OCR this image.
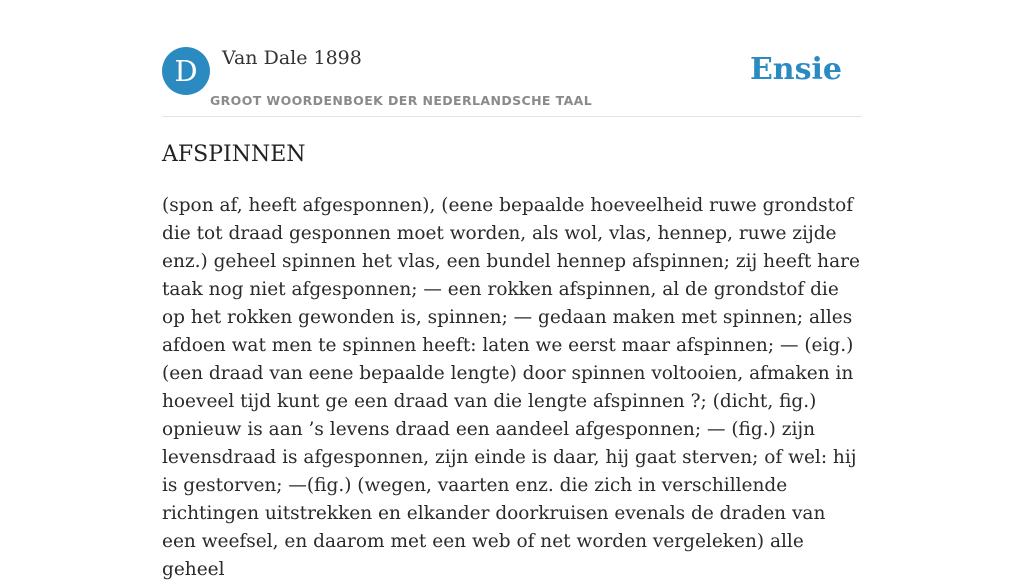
D	Van Dale 1898
GROOT WOORDENBOEK DER NEDERLANDSCHE TAAL
Ensie
AFSPINNEN

(spon af, heeft afgesponnen), (eene bepaalde hoeveelheid ruwe grondstof die tot draad gesponnen moet worden, als wol, vlas, hennep, ruwe zijde enz.) geheel spinnen het vlas, een bundel hennep afspinnen; zij heeft hare taak nog niet afgesponnen; — een rokken afspinnen, al de grondstof die op het rokken gewonden is, spinnen; — gedaan maken met spinnen; alles afdoen wat men te spinnen heeft: laten we eerst maar afspinnen; — (eig.) (een draad van eene bepaalde lengte) door spinnen voltooien, afmaken in hoeveel tijd kunt ge een draad van die lengte afspinnen ?; (dicht, fig.) opnieuw is aan ’s levens draad een aandeel afgesponnen; — (fig.) zijn levensdraad is afgesponnen, zijn einde is daar, hij gaat sterven; of wel: hij is gestorven; —(fig.) (wegen, vaarten enz. die zich in verschillende richtingen uitstrekken en elkander doorkruisen evenals de draden van een weefsel, en daarom met een web of net worden vergeleken) alle geheel
